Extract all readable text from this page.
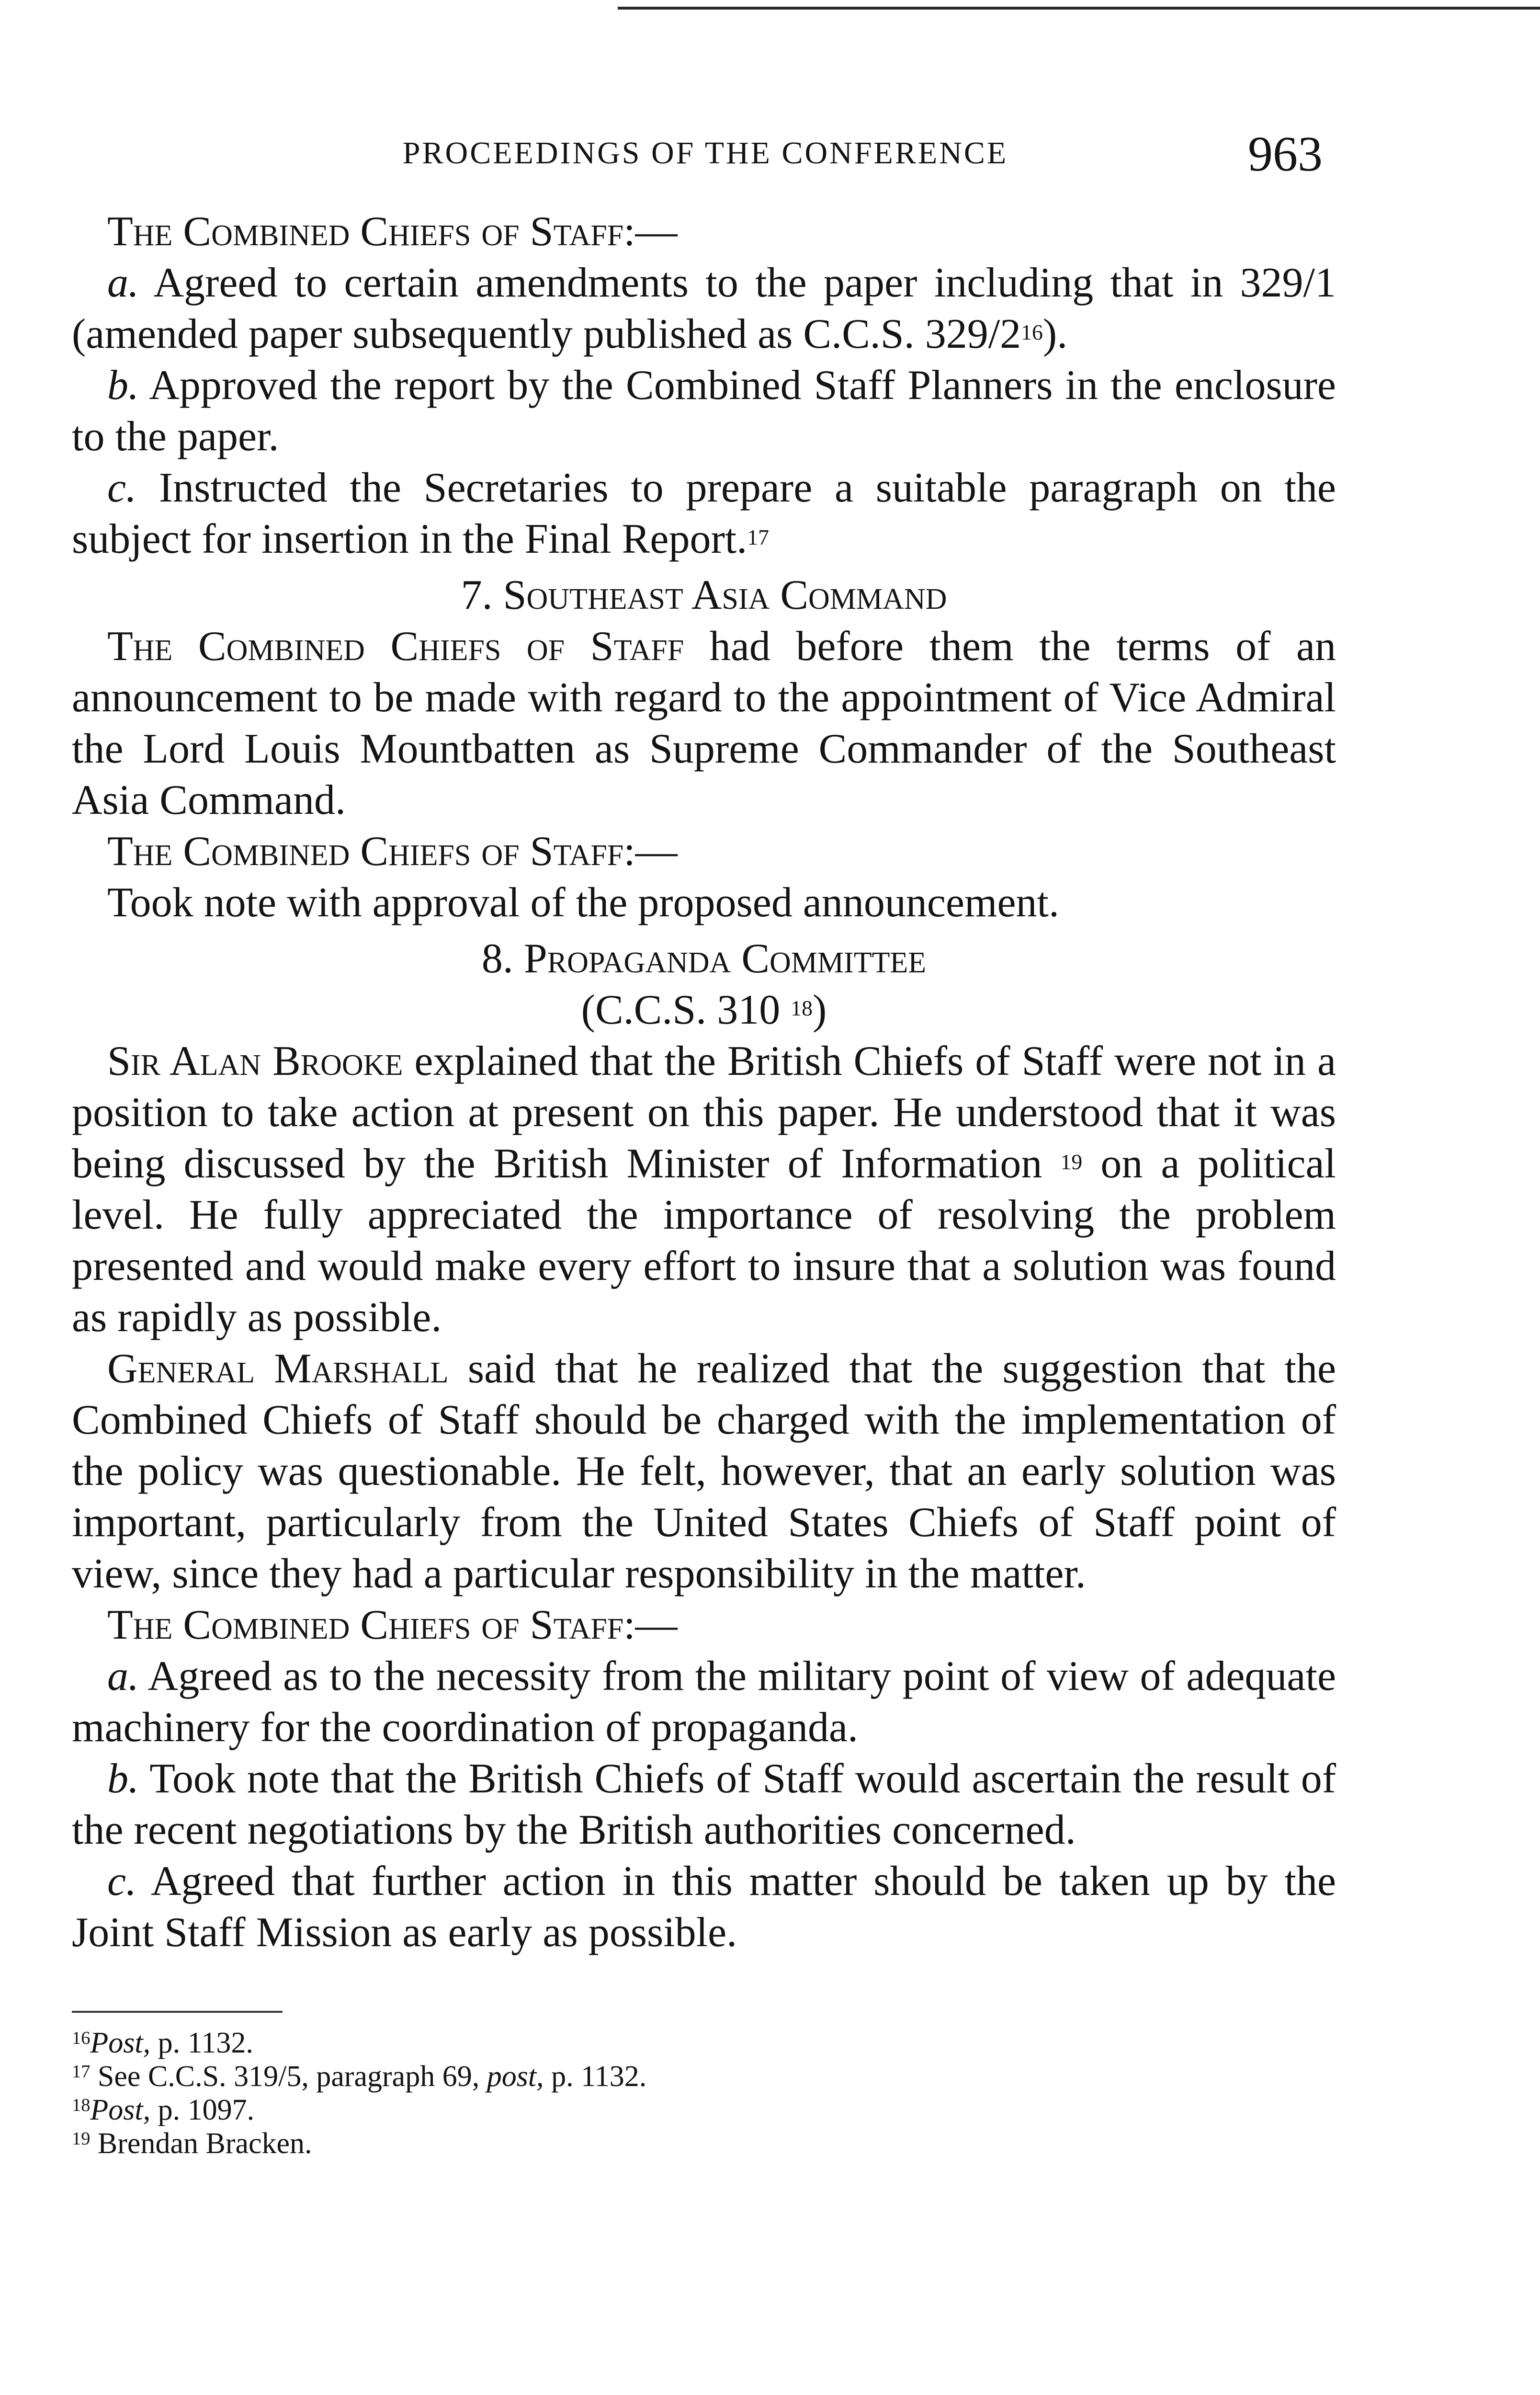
PROCEEDINGS OF THE CONFERENCE	963

The Combined Chiefs of Staff:—

a. Agreed to certain amendments to the paper including that in 329/1 (amended paper subsequently published as C.C.S. $329/2^{16}$).

b. Approved the report by the Combined Staff Planners in the enclosure to the paper.

c. Instructed the Secretaries to prepare a suitable paragraph on the subject for insertion in the Final Report.$^{17}$

7. Southeast Asia Command

The Combined Chiefs of Staff had before them the terms of an announcement to be made with regard to the appointment of Vice Admiral the Lord Louis Mountbatten as Supreme Commander of the Southeast Asia Command.

The Combined Chiefs of Staff:—

Took note with approval of the proposed announcement.

8. Propaganda Committee

(C.C.S. 310 $^{18}$)

Sir Alan Brooke explained that the British Chiefs of Staff were not in a position to take action at present on this paper. He understood that it was being discussed by the British Minister of Information $^{19}$ on a political level. He fully appreciated the importance of resolving the problem presented and would make every effort to insure that a solution was found as rapidly as possible.

General Marshall said that he realized that the suggestion that the Combined Chiefs of Staff should be charged with the implementation of the policy was questionable. He felt, however, that an early solution was important, particularly from the United States Chiefs of Staff point of view, since they had a particular responsibility in the matter.

The Combined Chiefs of Staff:—

a. Agreed as to the necessity from the military point of view of adequate machinery for the coordination of propaganda.

b. Took note that the British Chiefs of Staff would ascertain the result of the recent negotiations by the British authorities concerned.

c. Agreed that further action in this matter should be taken up by the Joint Staff Mission as early as possible.

$^{16}$Post, p. 1132.

$^{17}$ See C.C.S. 319/5, paragraph 69, post, p. 1132.

$^{18}$Post, p. 1097.

$^{19}$ Brendan Bracken.
